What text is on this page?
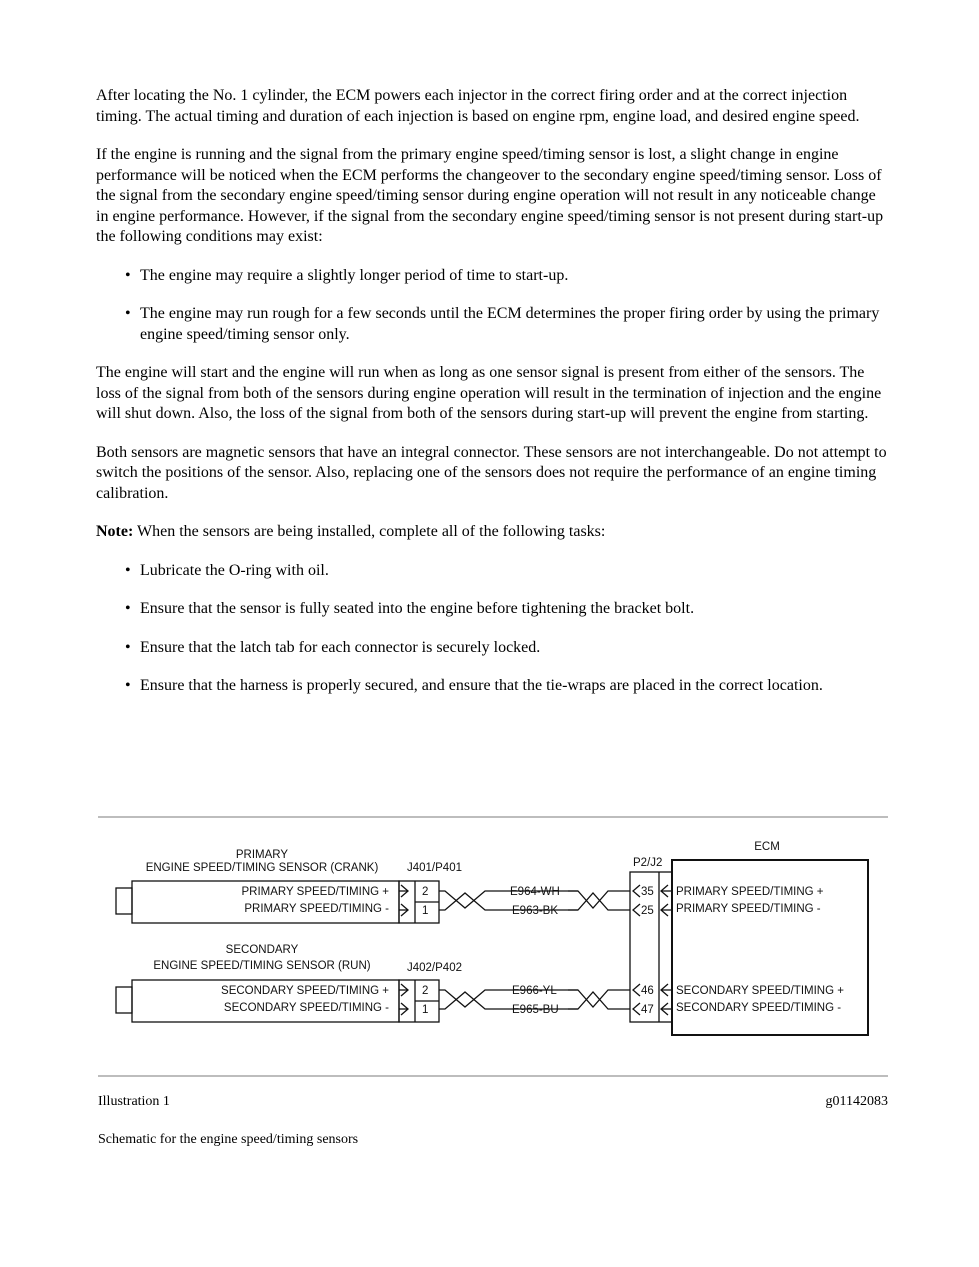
After locating the No. 1 cylinder, the ECM powers each injector in the correct firing order and at the correct injection timing. The actual timing and duration of each injection is based on engine rpm, engine load, and desired engine speed.

If the engine is running and the signal from the primary engine speed/timing sensor is lost, a slight change in engine performance will be noticed when the ECM performs the changeover to the secondary engine speed/timing sensor. Loss of the signal from the secondary engine speed/timing sensor during engine operation will not result in any noticeable change in engine performance. However, if the signal from the secondary engine speed/timing sensor is not present during start-up the following conditions may exist:

• The engine may require a slightly longer period of time to start-up.
• The engine may run rough for a few seconds until the ECM determines the proper firing order by using the primary engine speed/timing sensor only.

The engine will start and the engine will run when as long as one sensor signal is present from either of the sensors. The loss of the signal from both of the sensors during engine operation will result in the termination of injection and the engine will shut down. Also, the loss of the signal from both of the sensors during start-up will prevent the engine from starting.

Both sensors are magnetic sensors that have an integral connector. These sensors are not interchangeable. Do not attempt to switch the positions of the sensor. Also, replacing one of the sensors does not require the performance of an engine timing calibration.

Note: When the sensors are being installed, complete all of the following tasks:

• Lubricate the O-ring with oil.
• Ensure that the sensor is fully seated into the engine before tightening the bracket bolt.
• Ensure that the latch tab for each connector is securely locked.
• Ensure that the harness is properly secured, and ensure that the tie-wraps are placed in the correct location.
PRIMARY
ENGINE SPEED/TIMING SENSOR (CRANK)
PRIMARY SPEED/TIMING +
PRIMARY SPEED/TIMING -
J401/P401
2
1
E964-WH
E963-BK
SECONDARY
ENGINE SPEED/TIMING SENSOR (RUN)
SECONDARY SPEED/TIMING +
SECONDARY SPEED/TIMING -
J402/P402
2
1
E966-YL
E965-BU
P2/J2
ECM
35
25
46
47
PRIMARY SPEED/TIMING +
PRIMARY SPEED/TIMING -
SECONDARY SPEED/TIMING +
SECONDARY SPEED/TIMING -
Illustration 1	g01142083
Schematic for the engine speed/timing sensors
